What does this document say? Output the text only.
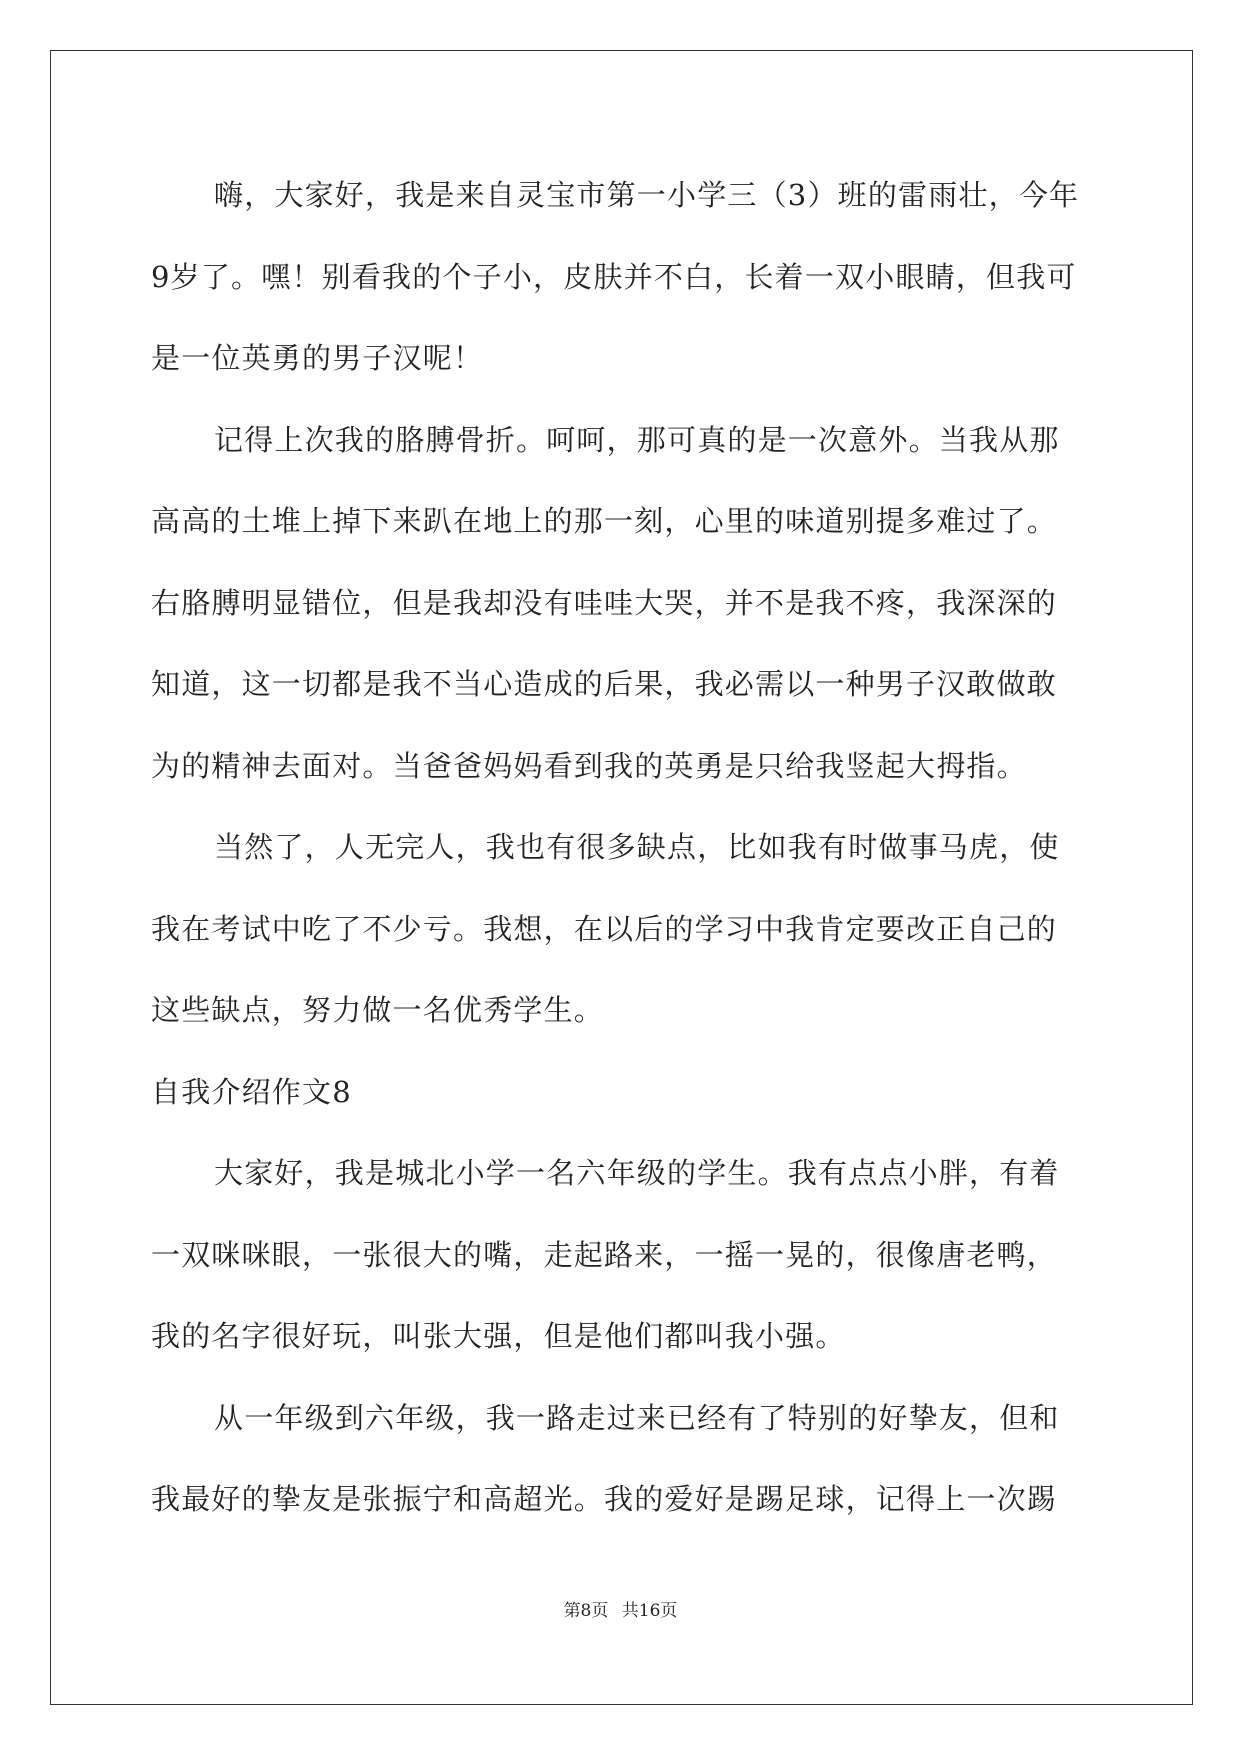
嗨，大家好，我是来自灵宝市第一小学三（3）班的雷雨壮，今年9岁了。嘿！别看我的个子小，皮肤并不白，长着一双小眼睛，但我可是一位英勇的男子汉呢！

记得上次我的胳膊骨折。呵呵，那可真的是一次意外。当我从那高高的土堆上掉下来趴在地上的那一刻，心里的味道别提多难过了。右胳膊明显错位，但是我却没有哇哇大哭，并不是我不疼，我深深的知道，这一切都是我不当心造成的后果，我必需以一种男子汉敢做敢为的精神去面对。当爸爸妈妈看到我的英勇是只给我竖起大拇指。

当然了，人无完人，我也有很多缺点，比如我有时做事马虎，使我在考试中吃了不少亏。我想，在以后的学习中我肯定要改正自己的这些缺点，努力做一名优秀学生。

自我介绍作文8

大家好，我是城北小学一名六年级的学生。我有点点小胖，有着一双咪咪眼，一张很大的嘴，走起路来，一摇一晃的，很像唐老鸭，我的名字很好玩，叫张大强，但是他们都叫我小强。

从一年级到六年级，我一路走过来已经有了特别的好挚友，但和我最好的挚友是张振宁和高超光。我的爱好是踢足球，记得上一次踢

第8页 共16页
